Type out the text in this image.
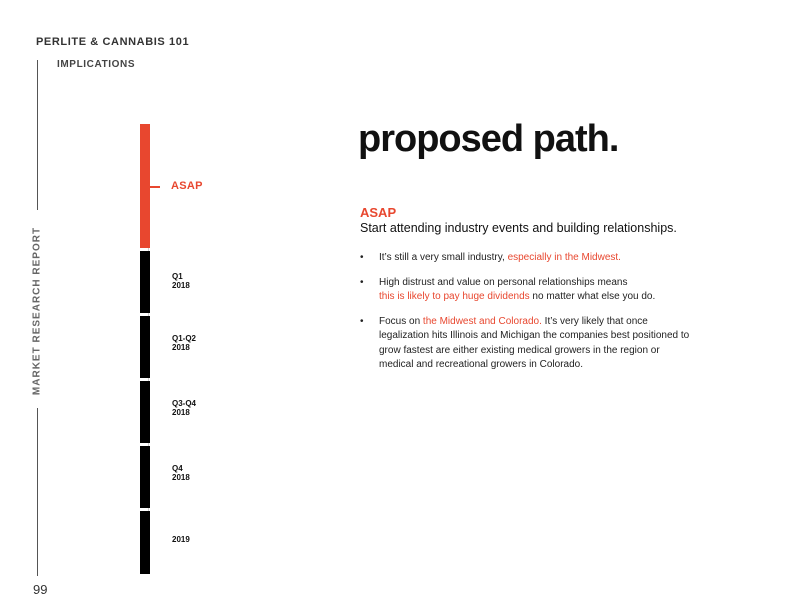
PERLITE & CANNABIS 101
IMPLICATIONS
MARKET RESEARCH REPORT
99
ASAP
Q1
2018
Q1-Q2
2018
Q3-Q4
2018
Q4
2018
2019
proposed path.
ASAP
Start attending industry events and building relationships.
• It’s still a very small industry, especially in the Midwest.
• High distrust and value on personal relationships means
this is likely to pay huge dividends no matter what else you do.
• Focus on the Midwest and Colorado. It’s very likely that once legalization hits Illinois and Michigan the companies best positioned to grow fastest are either existing medical growers in the region or medical and recreational growers in Colorado.
